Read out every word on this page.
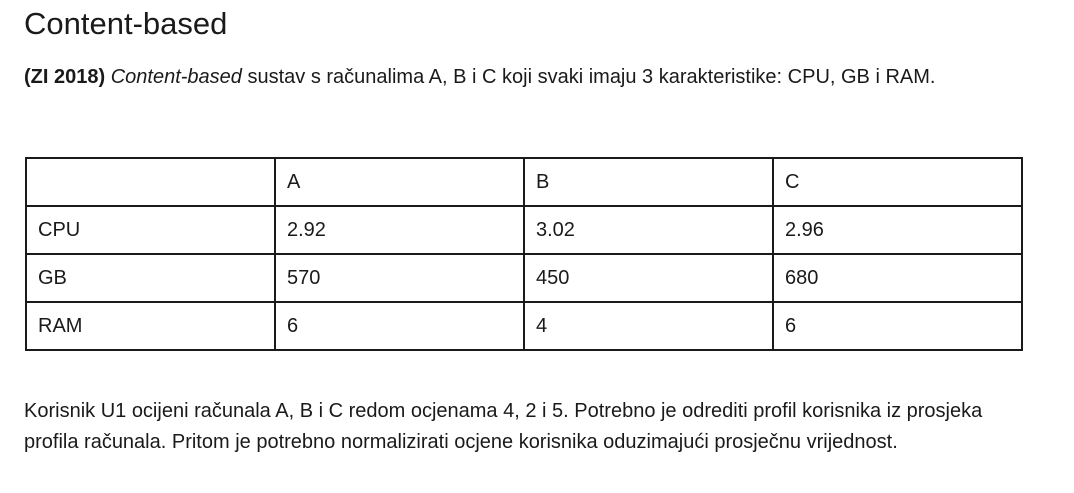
Content-based

(ZI 2018) Content-based sustav s računalima A, B i C koji svaki imaju 3 karakteristike: CPU, GB i RAM.

	A	B	C
CPU	2.92	3.02	2.96
GB	570	450	680
RAM	6	4	6

Korisnik U1 ocijeni računala A, B i C redom ocjenama 4, 2 i 5. Potrebno je odrediti profil korisnika iz prosjeka profila računala. Pritom je potrebno normalizirati ocjene korisnika oduzimajući prosječnu vrijednost.
